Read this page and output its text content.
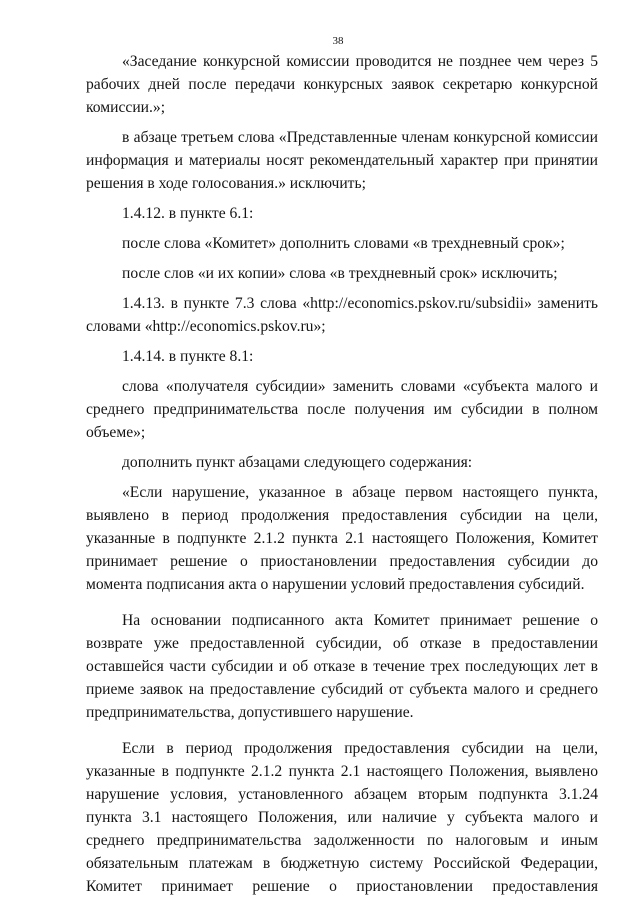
38

«Заседание конкурсной комиссии проводится не позднее чем через 5 рабочих дней после передачи конкурсных заявок секретарю конкурсной комиссии.»;

в абзаце третьем слова «Представленные членам конкурсной комиссии информация и материалы носят рекомендательный характер при принятии решения в ходе голосования.» исключить;

1.4.12. в пункте 6.1:

после слова «Комитет» дополнить словами «в трехдневный срок»;

после слов «и их копии» слова «в трехдневный срок» исключить;

1.4.13. в пункте 7.3 слова «http://economics.pskov.ru/subsidii» заменить словами «http://economics.pskov.ru»;

1.4.14. в пункте 8.1:

слова «получателя субсидии» заменить словами «субъекта малого и среднего предпринимательства после получения им субсидии в полном объеме»;

дополнить пункт абзацами следующего содержания:

«Если нарушение, указанное в абзаце первом настоящего пункта, выявлено в период продолжения предоставления субсидии на цели, указанные в подпункте 2.1.2 пункта 2.1 настоящего Положения, Комитет принимает решение о приостановлении предоставления субсидии до момента подписания акта о нарушении условий предоставления субсидий.

На основании подписанного акта Комитет принимает решение о возврате уже предоставленной субсидии, об отказе в предоставлении оставшейся части субсидии и об отказе в течение трех последующих лет в приеме заявок на предоставление субсидий от субъекта малого и среднего предпринимательства, допустившего нарушение.

Если в период продолжения предоставления субсидии на цели, указанные в подпункте 2.1.2 пункта 2.1 настоящего Положения, выявлено нарушение условия, установленного абзацем вторым подпункта 3.1.24 пункта 3.1 настоящего Положения, или наличие у субъекта малого и среднего предпринимательства задолженности по налоговым и иным обязательным платежам в бюджетную систему Российской Федерации, Комитет принимает решение о приостановлении предоставления
